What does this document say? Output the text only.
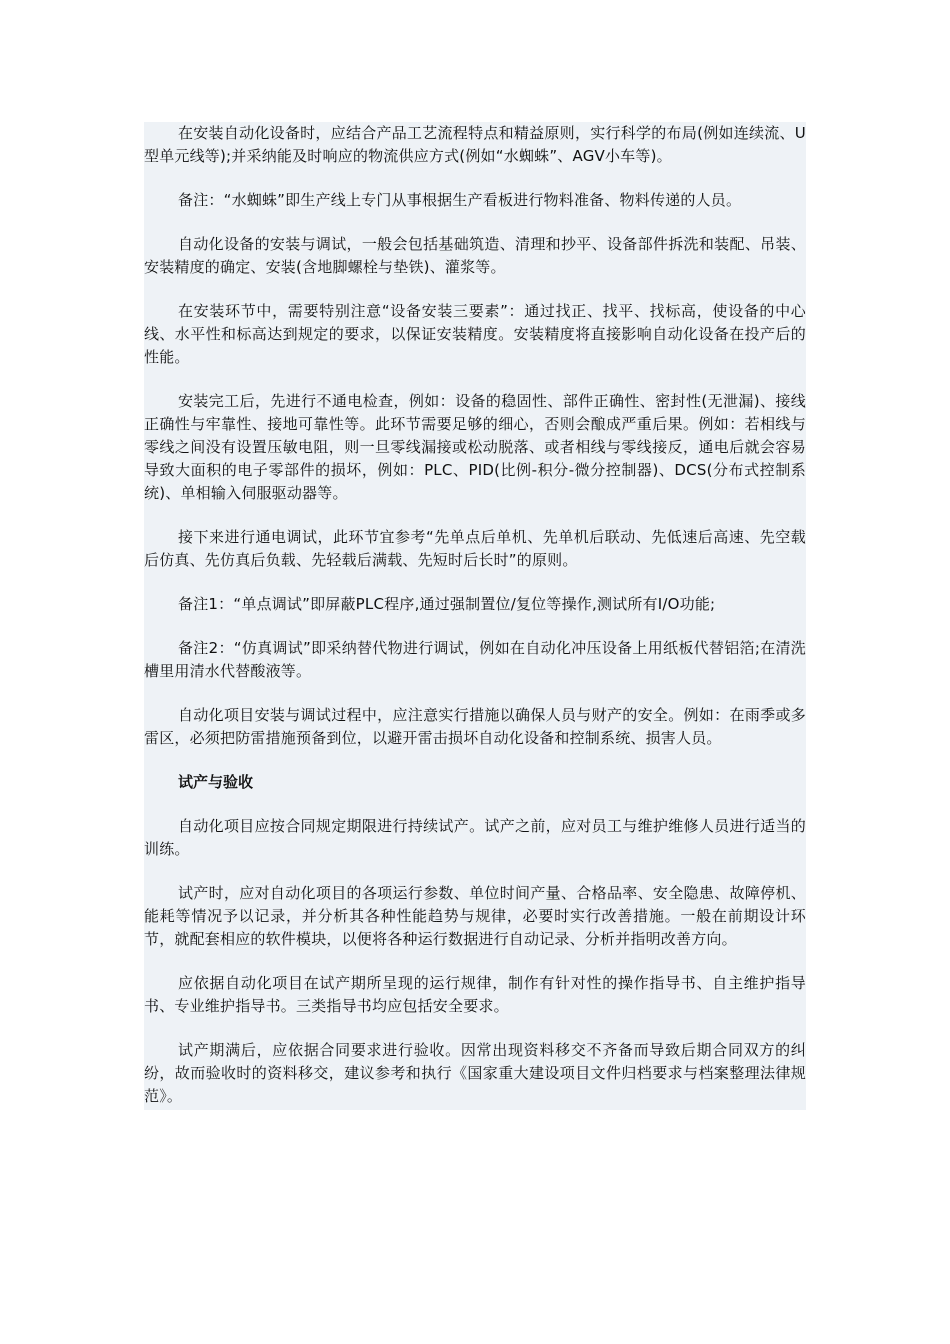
在安装自动化设备时，应结合产品工艺流程特点和精益原则，实行科学的布局(例如连续流、U型单元线等);并采纳能及时响应的物流供应方式(例如“水蜘蛛”、AGV小车等)。

备注：“水蜘蛛”即生产线上专门从事根据生产看板进行物料准备、物料传递的人员。

自动化设备的安装与调试，一般会包括基础筑造、清理和抄平、设备部件拆洗和装配、吊装、安装精度的确定、安装(含地脚螺栓与垫铁)、灌浆等。

在安装环节中，需要特别注意“设备安装三要素”：通过找正、找平、找标高，使设备的中心线、水平性和标高达到规定的要求，以保证安装精度。安装精度将直接影响自动化设备在投产后的性能。

安装完工后，先进行不通电检查，例如：设备的稳固性、部件正确性、密封性(无泄漏)、接线正确性与牢靠性、接地可靠性等。此环节需要足够的细心，否则会酿成严重后果。例如：若相线与零线之间没有设置压敏电阻，则一旦零线漏接或松动脱落、或者相线与零线接反，通电后就会容易导致大面积的电子零部件的损坏，例如：PLC、PID(比例-积分-微分控制器)、DCS(分布式控制系统)、单相输入伺服驱动器等。

接下来进行通电调试，此环节宜参考“先单点后单机、先单机后联动、先低速后高速、先空载后仿真、先仿真后负载、先轻载后满载、先短时后长时”的原则。

备注1：“单点调试”即屏蔽PLC程序,通过强制置位/复位等操作,测试所有I/O功能;

备注2：“仿真调试”即采纳替代物进行调试，例如在自动化冲压设备上用纸板代替铝箔;在清洗槽里用清水代替酸液等。

自动化项目安装与调试过程中，应注意实行措施以确保人员与财产的安全。例如：在雨季或多雷区，必须把防雷措施预备到位，以避开雷击损坏自动化设备和控制系统、损害人员。

试产与验收

自动化项目应按合同规定期限进行持续试产。试产之前，应对员工与维护维修人员进行适当的训练。

试产时，应对自动化项目的各项运行参数、单位时间产量、合格品率、安全隐患、故障停机、能耗等情况予以记录，并分析其各种性能趋势与规律，必要时实行改善措施。一般在前期设计环节，就配套相应的软件模块，以便将各种运行数据进行自动记录、分析并指明改善方向。

应依据自动化项目在试产期所呈现的运行规律，制作有针对性的操作指导书、自主维护指导书、专业维护指导书。三类指导书均应包括安全要求。

试产期满后，应依据合同要求进行验收。因常出现资料移交不齐备而导致后期合同双方的纠纷，故而验收时的资料移交，建议参考和执行《国家重大建设项目文件归档要求与档案整理法律规范》。
